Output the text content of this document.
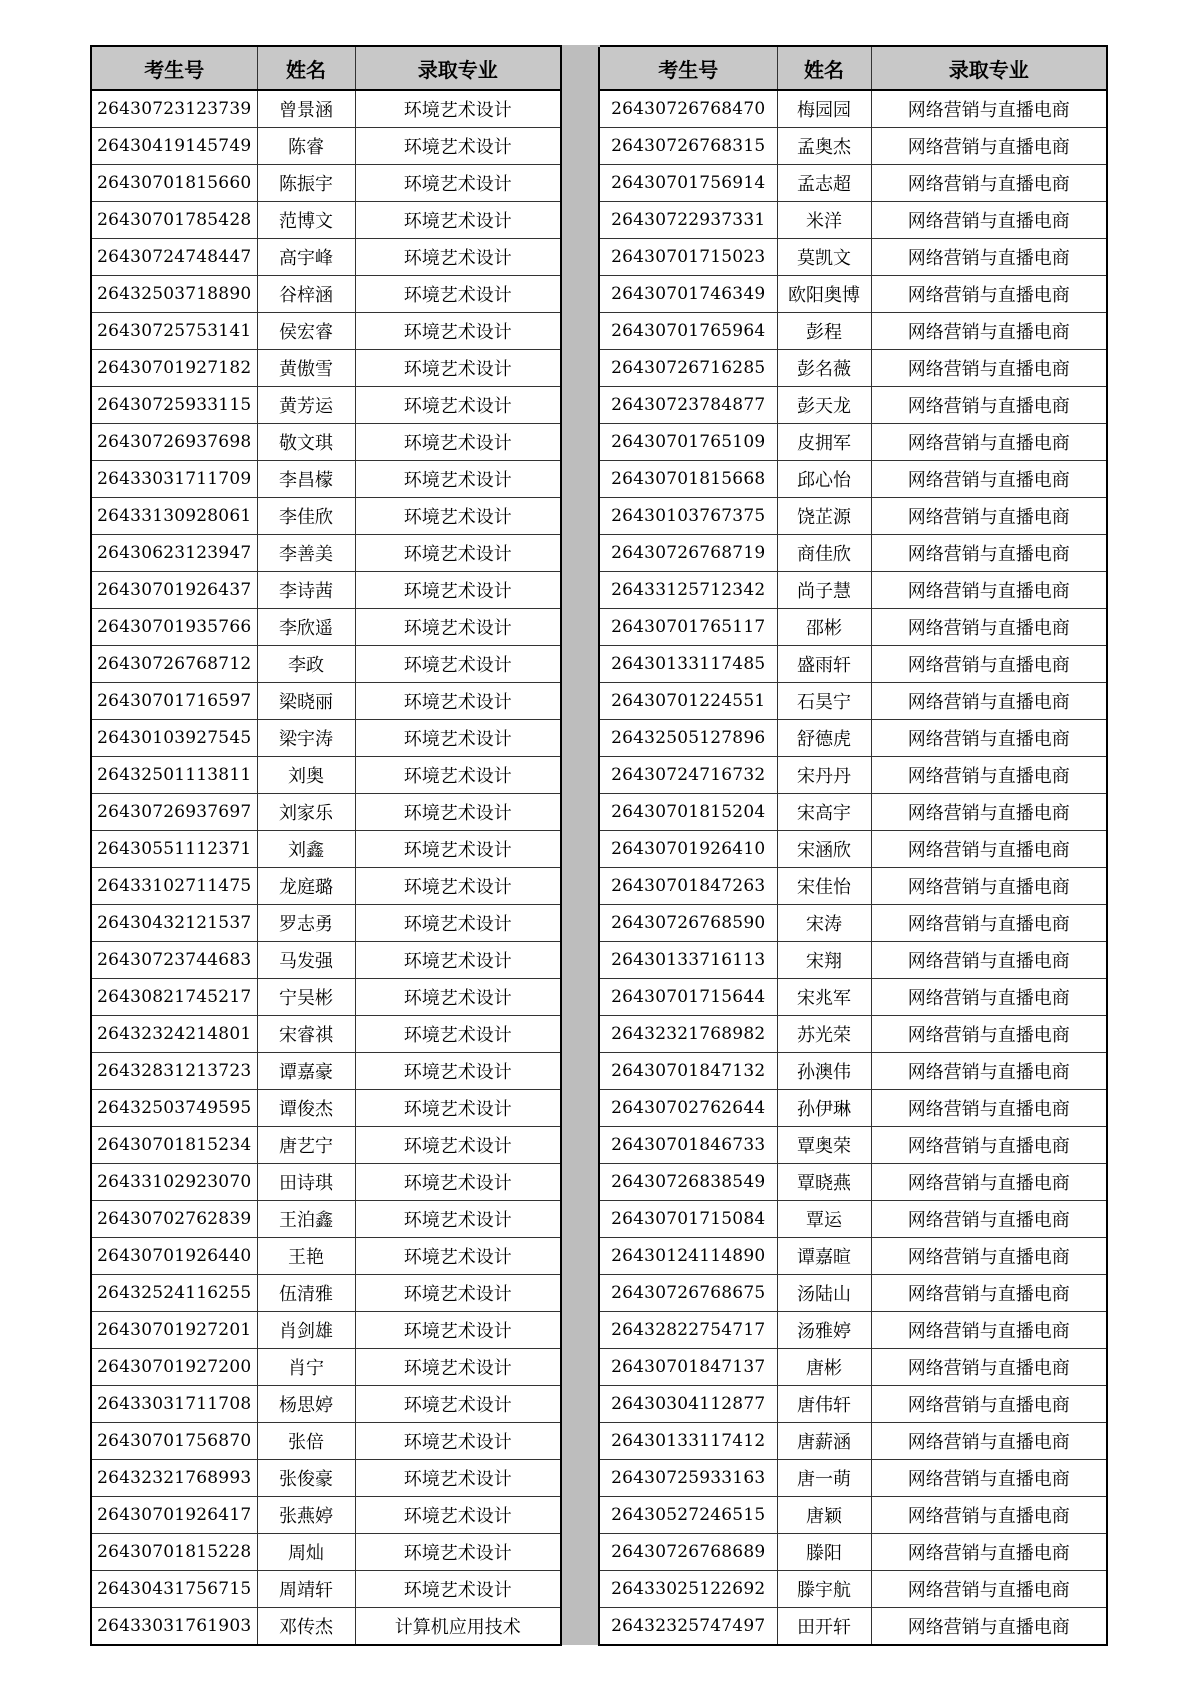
考生号	姓名	录取专业		考生号	姓名	录取专业
26430723123739	曾景涵	环境艺术设计		26430726768470	梅园园	网络营销与直播电商
26430419145749	陈睿	环境艺术设计		26430726768315	孟奥杰	网络营销与直播电商
26430701815660	陈振宇	环境艺术设计		26430701756914	孟志超	网络营销与直播电商
26430701785428	范博文	环境艺术设计		26430722937331	米洋	网络营销与直播电商
26430724748447	高宇峰	环境艺术设计		26430701715023	莫凯文	网络营销与直播电商
26432503718890	谷梓涵	环境艺术设计		26430701746349	欧阳奥博	网络营销与直播电商
26430725753141	侯宏睿	环境艺术设计		26430701765964	彭程	网络营销与直播电商
26430701927182	黄傲雪	环境艺术设计		26430726716285	彭名薇	网络营销与直播电商
26430725933115	黄芳运	环境艺术设计		26430723784877	彭天龙	网络营销与直播电商
26430726937698	敬文琪	环境艺术设计		26430701765109	皮拥军	网络营销与直播电商
26433031711709	李昌檬	环境艺术设计		26430701815668	邱心怡	网络营销与直播电商
26433130928061	李佳欣	环境艺术设计		26430103767375	饶芷源	网络营销与直播电商
26430623123947	李善美	环境艺术设计		26430726768719	商佳欣	网络营销与直播电商
26430701926437	李诗茜	环境艺术设计		26433125712342	尚子慧	网络营销与直播电商
26430701935766	李欣遥	环境艺术设计		26430701765117	邵彬	网络营销与直播电商
26430726768712	李政	环境艺术设计		26430133117485	盛雨轩	网络营销与直播电商
26430701716597	梁晓丽	环境艺术设计		26430701224551	石昊宁	网络营销与直播电商
26430103927545	梁宇涛	环境艺术设计		26432505127896	舒德虎	网络营销与直播电商
26432501113811	刘奥	环境艺术设计		26430724716732	宋丹丹	网络营销与直播电商
26430726937697	刘家乐	环境艺术设计		26430701815204	宋高宇	网络营销与直播电商
26430551112371	刘鑫	环境艺术设计		26430701926410	宋涵欣	网络营销与直播电商
26433102711475	龙庭璐	环境艺术设计		26430701847263	宋佳怡	网络营销与直播电商
26430432121537	罗志勇	环境艺术设计		26430726768590	宋涛	网络营销与直播电商
26430723744683	马发强	环境艺术设计		26430133716113	宋翔	网络营销与直播电商
26430821745217	宁吴彬	环境艺术设计		26430701715644	宋兆军	网络营销与直播电商
26432324214801	宋睿祺	环境艺术设计		26432321768982	苏光荣	网络营销与直播电商
26432831213723	谭嘉豪	环境艺术设计		26430701847132	孙澳伟	网络营销与直播电商
26432503749595	谭俊杰	环境艺术设计		26430702762644	孙伊琳	网络营销与直播电商
26430701815234	唐艺宁	环境艺术设计		26430701846733	覃奥荣	网络营销与直播电商
26433102923070	田诗琪	环境艺术设计		26430726838549	覃晓燕	网络营销与直播电商
26430702762839	王泊鑫	环境艺术设计		26430701715084	覃运	网络营销与直播电商
26430701926440	王艳	环境艺术设计		26430124114890	谭嘉暄	网络营销与直播电商
26432524116255	伍清雅	环境艺术设计		26430726768675	汤陆山	网络营销与直播电商
26430701927201	肖剑雄	环境艺术设计		26432822754717	汤雅婷	网络营销与直播电商
26430701927200	肖宁	环境艺术设计		26430701847137	唐彬	网络营销与直播电商
26433031711708	杨思婷	环境艺术设计		26430304112877	唐伟轩	网络营销与直播电商
26430701756870	张倍	环境艺术设计		26430133117412	唐薪涵	网络营销与直播电商
26432321768993	张俊豪	环境艺术设计		26430725933163	唐一萌	网络营销与直播电商
26430701926417	张燕婷	环境艺术设计		26430527246515	唐颖	网络营销与直播电商
26430701815228	周灿	环境艺术设计		26430726768689	滕阳	网络营销与直播电商
26430431756715	周靖轩	环境艺术设计		26433025122692	滕宇航	网络营销与直播电商
26433031761903	邓传杰	计算机应用技术		26432325747497	田开轩	网络营销与直播电商
